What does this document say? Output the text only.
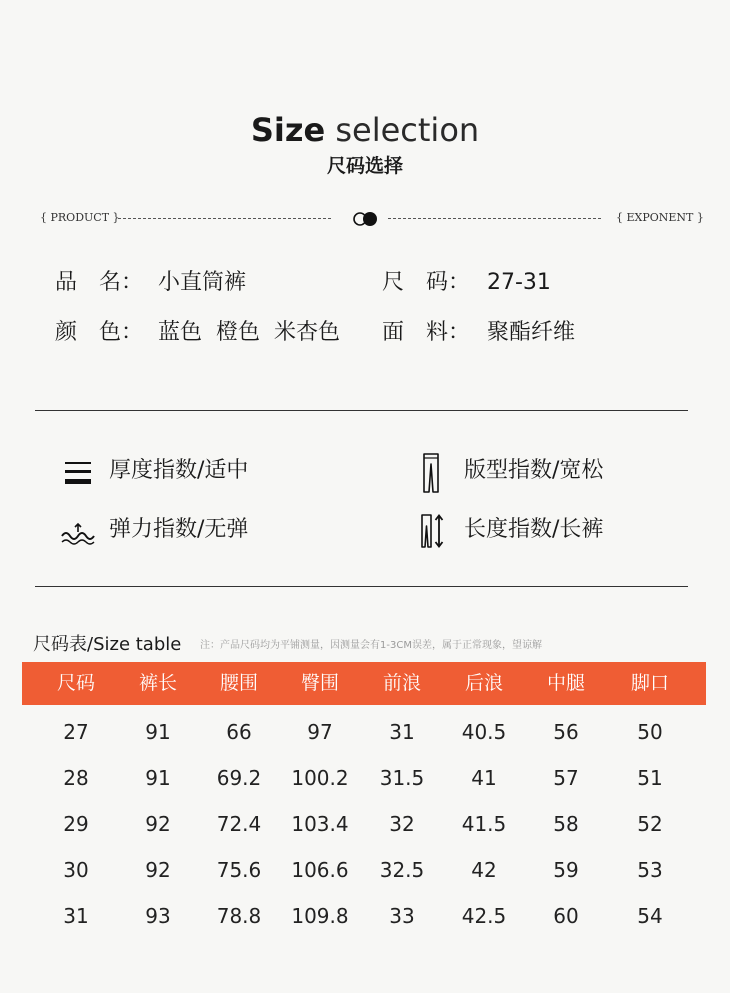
Size selection
尺码选择
{ PRODUCT }	{ EXPONENT }
品　名： 小直筒裤	尺　码： 27-31
颜　色： 蓝色  橙色  米杏色 面　料： 聚酯纤维
厚度指数/适中	版型指数/宽松
弹力指数/无弹	长度指数/长裤
尺码表/Size table 注：产品尺码均为平铺测量，因测量会有1-3CM误差，属于正常现象，望谅解
尺码	裤长	腰围	臀围	前浪	后浪	中腿	脚口
27	91	66	97	31	40.5	56	50
28	91	69.2	100.2	31.5	41	57	51
29	92	72.4	103.4	32	41.5	58	52
30	92	75.6	106.6	32.5	42	59	53
31	93	78.8	109.8	33	42.5	60	54
